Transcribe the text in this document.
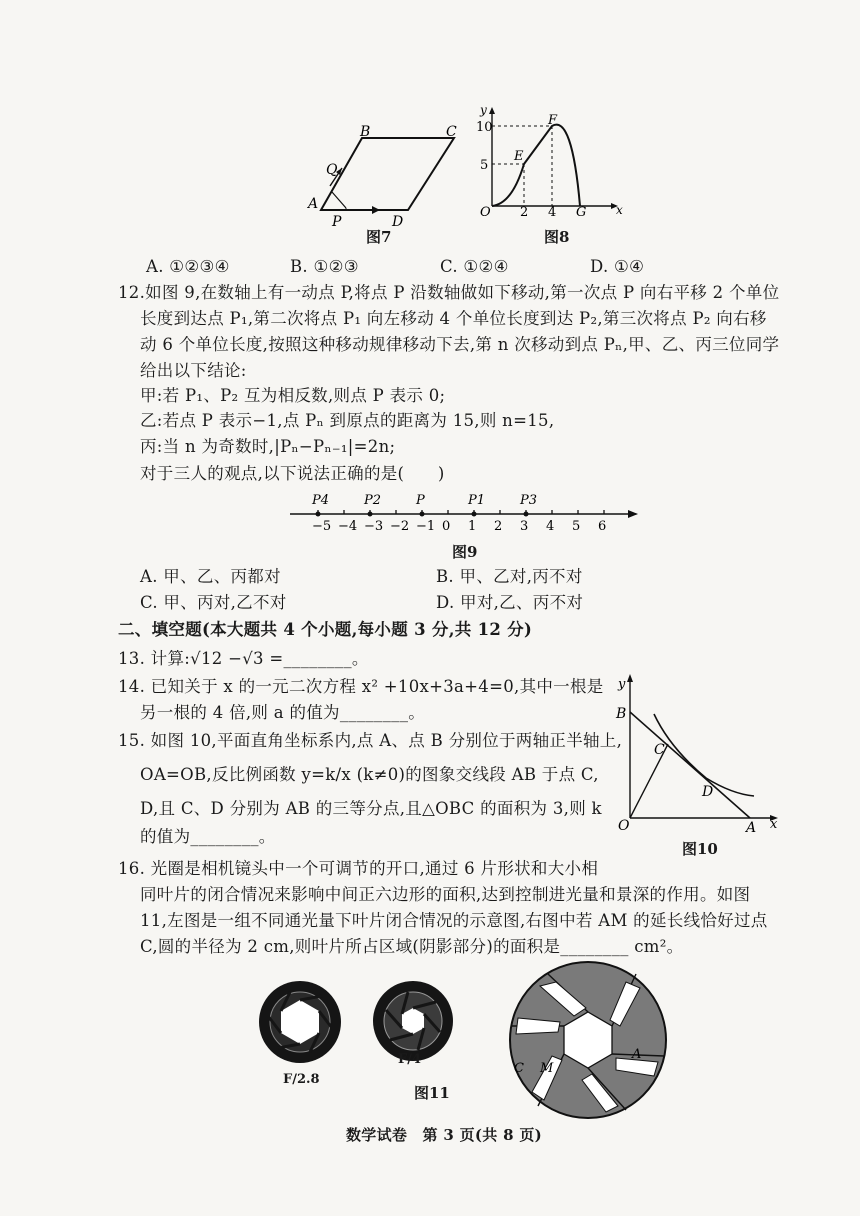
A
B	C
D
P
Q
图7
y
x
O
E
F
G
10
5
2 4
图8
A. ①②③④	B. ①②③	C. ①②④	D. ①④
12.如图 9,在数轴上有一动点 P,将点 P 沿数轴做如下移动,第一次点 P 向右平移 2 个单位
长度到达点 P₁,第二次将点 P₁ 向左移动 4 个单位长度到达 P₂,第三次将点 P₂ 向右移
动 6 个单位长度,按照这种移动规律移动下去,第 n 次移动到点 Pₙ,甲、乙、丙三位同学
给出以下结论:
甲:若 P₁、P₂ 互为相反数,则点 P 表示 0;
乙:若点 P 表示−1,点 Pₙ 到原点的距离为 15,则 n=15,
丙:当 n 为奇数时,|Pₙ−Pₙ₋₁|=2n;
对于三人的观点,以下说法正确的是(　　)
−5 −4 −3 −2 −1 0 1 2 3 4 5 6
P4	P2	P	P1	P3
图9
A. 甲、乙、丙都对	B. 甲、乙对,丙不对
C. 甲、丙对,乙不对	D. 甲对,乙、丙不对
二、填空题(本大题共 4 个小题,每小题 3 分,共 12 分)
13. 计算:√12 −√3 =________。
14. 已知关于 x 的一元二次方程 x² +10x+3a+4=0,其中一根是
另一根的 4 倍,则 a 的值为________。
15. 如图 10,平面直角坐标系内,点 A、点 B 分别位于两轴正半轴上,
OA=OB,反比例函数 y=k/x (k≠0)的图象交线段 AB 于点 C,
D,且 C、D 分别为 AB 的三等分点,且△OBC 的面积为 3,则 k
的值为________。
y
x
O	A
B
C
D
图10
16. 光圈是相机镜头中一个可调节的开口,通过 6 片形状和大小相
同叶片的闭合情况来影响中间正六边形的面积,达到控制进光量和景深的作用。如图
11,左图是一组不同通光量下叶片闭合情况的示意图,右图中若 AM 的延长线恰好过点
C,圆的半径为 2 cm,则叶片所占区域(阴影部分)的面积是________ cm²。
F/2.8
F/4
C M
A
图11
数学试卷　第 3 页(共 8 页)
